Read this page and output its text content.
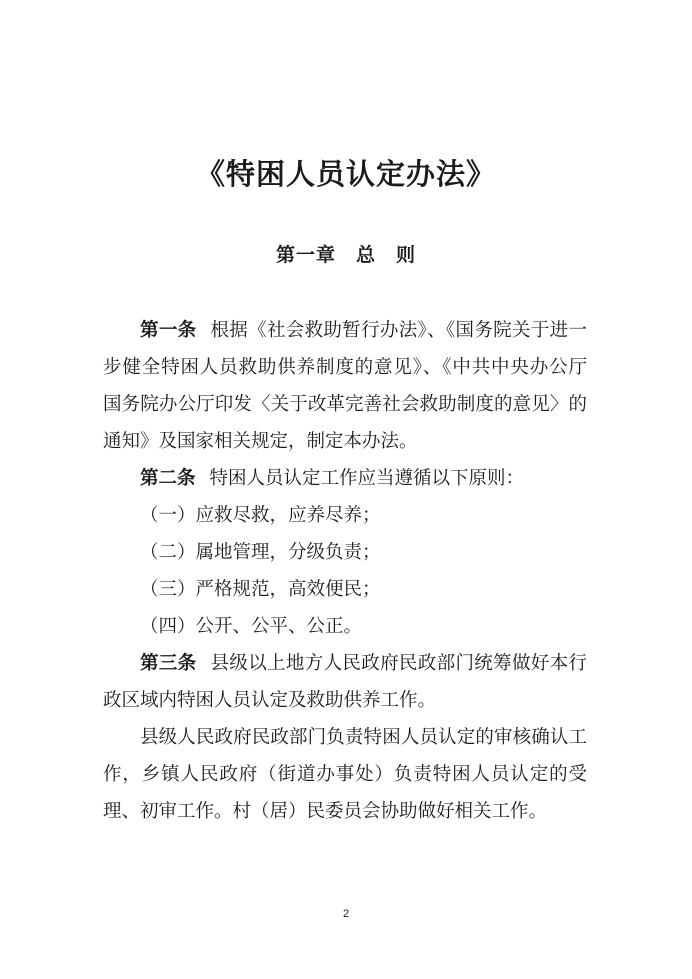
《特困人员认定办法》
第一章　总　则

第一条 根据《社会救助暂行办法》、《国务院关于进一步健全特困人员救助供养制度的意见》、《中共中央办公厅 国务院办公厅印发〈关于改革完善社会救助制度的意见〉的通知》及国家相关规定，制定本办法。

第二条 特困人员认定工作应当遵循以下原则：

（一）应救尽救，应养尽养；

（二）属地管理，分级负责；

（三）严格规范，高效便民；

（四）公开、公平、公正。

第三条 县级以上地方人民政府民政部门统筹做好本行政区域内特困人员认定及救助供养工作。

县级人民政府民政部门负责特困人员认定的审核确认工作，乡镇人民政府（街道办事处）负责特困人员认定的受理、初审工作。村（居）民委员会协助做好相关工作。

2
